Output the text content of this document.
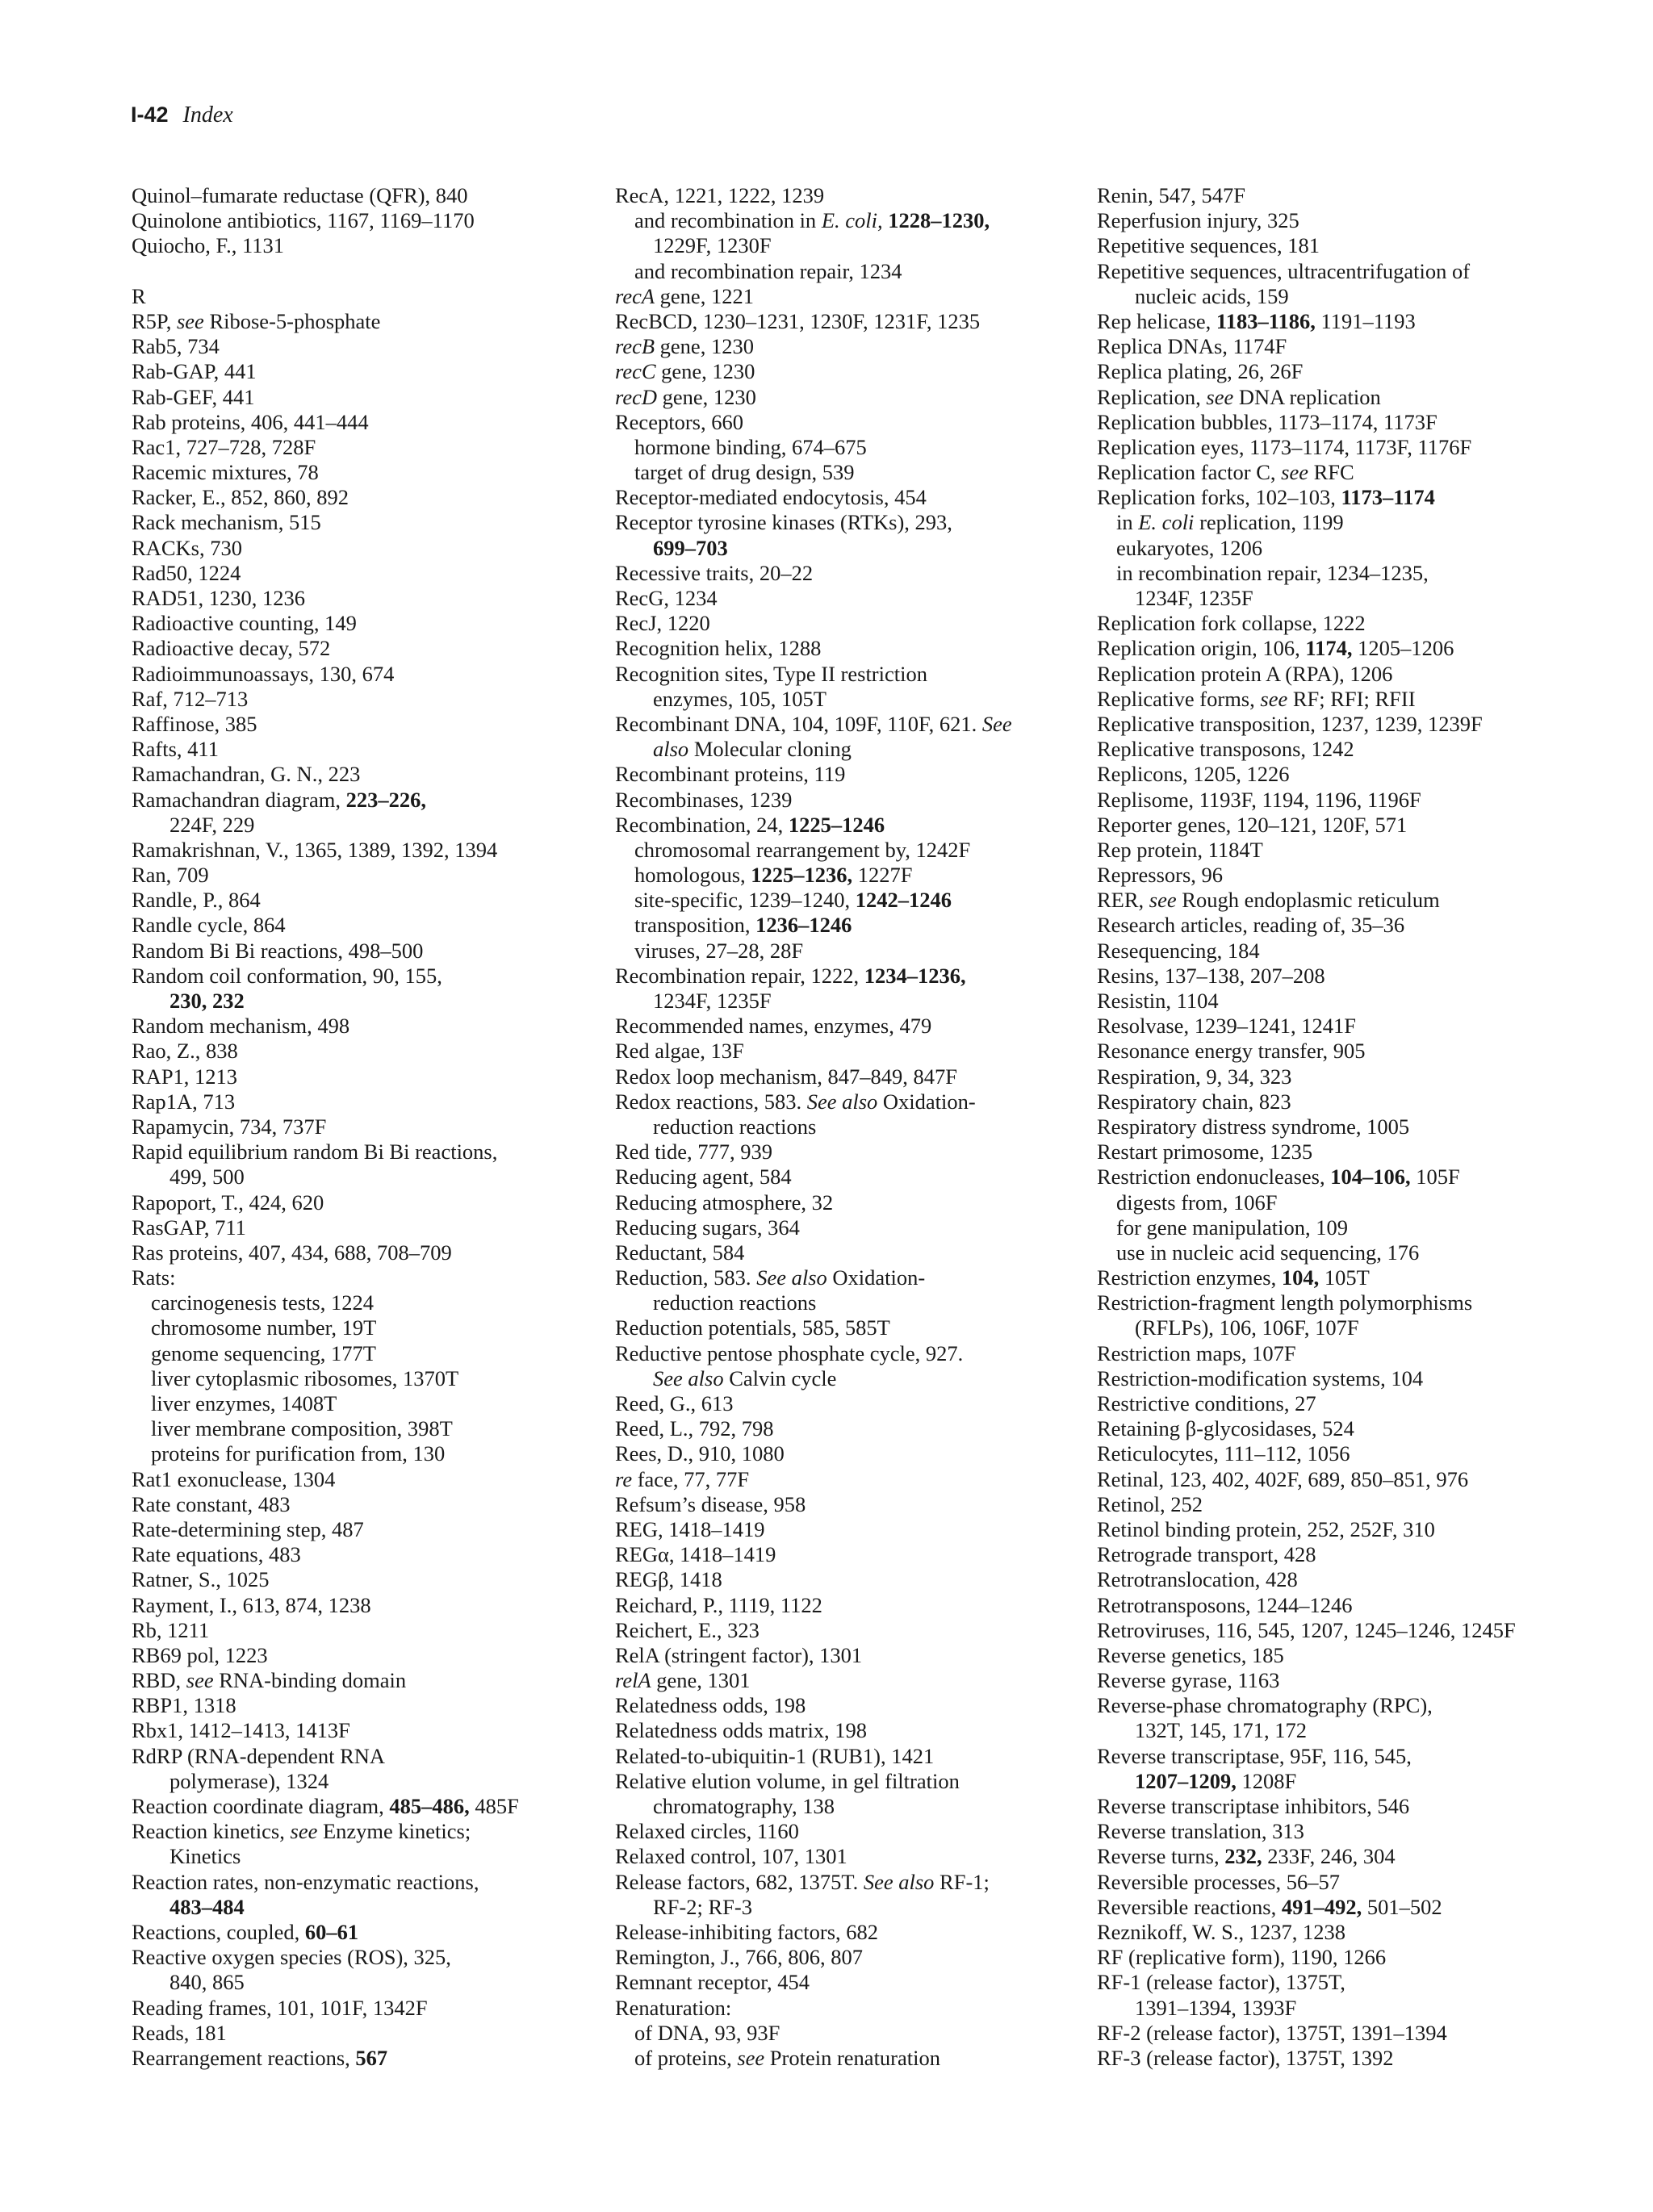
I-42 Index
Quinol–fumarate reductase (QFR), 840
Quinolone antibiotics, 1167, 1169–1170
Quiocho, F., 1131
R
R5P, see Ribose-5-phosphate
Rab5, 734
Rab-GAP, 441
Rab-GEF, 441
Rab proteins, 406, 441–444
Rac1, 727–728, 728F
Racemic mixtures, 78
Racker, E., 852, 860, 892
Rack mechanism, 515
RACKs, 730
Rad50, 1224
RAD51, 1230, 1236
Radioactive counting, 149
Radioactive decay, 572
Radioimmunoassays, 130, 674
Raf, 712–713
Raffinose, 385
Rafts, 411
Ramachandran, G. N., 223
Ramachandran diagram, 223–226,
224F, 229
Ramakrishnan, V., 1365, 1389, 1392, 1394
Ran, 709
Randle, P., 864
Randle cycle, 864
Random Bi Bi reactions, 498–500
Random coil conformation, 90, 155,
230, 232
Random mechanism, 498
Rao, Z., 838
RAP1, 1213
Rap1A, 713
Rapamycin, 734, 737F
Rapid equilibrium random Bi Bi reactions,
499, 500
Rapoport, T., 424, 620
RasGAP, 711
Ras proteins, 407, 434, 688, 708–709
Rats:
carcinogenesis tests, 1224
chromosome number, 19T
genome sequencing, 177T
liver cytoplasmic ribosomes, 1370T
liver enzymes, 1408T
liver membrane composition, 398T
proteins for purification from, 130
Rat1 exonuclease, 1304
Rate constant, 483
Rate-determining step, 487
Rate equations, 483
Ratner, S., 1025
Rayment, I., 613, 874, 1238
Rb, 1211
RB69 pol, 1223
RBD, see RNA-binding domain
RBP1, 1318
Rbx1, 1412–1413, 1413F
RdRP (RNA-dependent RNA
polymerase), 1324
Reaction coordinate diagram, 485–486, 485F
Reaction kinetics, see Enzyme kinetics;
Kinetics
Reaction rates, non-enzymatic reactions,
483–484
Reactions, coupled, 60–61
Reactive oxygen species (ROS), 325,
840, 865
Reading frames, 101, 101F, 1342F
Reads, 181
Rearrangement reactions, 567
RecA, 1221, 1222, 1239
and recombination in E. coli, 1228–1230,
1229F, 1230F
and recombination repair, 1234
recA gene, 1221
RecBCD, 1230–1231, 1230F, 1231F, 1235
recB gene, 1230
recC gene, 1230
recD gene, 1230
Receptors, 660
hormone binding, 674–675
target of drug design, 539
Receptor-mediated endocytosis, 454
Receptor tyrosine kinases (RTKs), 293,
699–703
Recessive traits, 20–22
RecG, 1234
RecJ, 1220
Recognition helix, 1288
Recognition sites, Type II restriction
enzymes, 105, 105T
Recombinant DNA, 104, 109F, 110F, 621. See
also Molecular cloning
Recombinant proteins, 119
Recombinases, 1239
Recombination, 24, 1225–1246
chromosomal rearrangement by, 1242F
homologous, 1225–1236, 1227F
site-specific, 1239–1240, 1242–1246
transposition, 1236–1246
viruses, 27–28, 28F
Recombination repair, 1222, 1234–1236,
1234F, 1235F
Recommended names, enzymes, 479
Red algae, 13F
Redox loop mechanism, 847–849, 847F
Redox reactions, 583. See also Oxidation-
reduction reactions
Red tide, 777, 939
Reducing agent, 584
Reducing atmosphere, 32
Reducing sugars, 364
Reductant, 584
Reduction, 583. See also Oxidation-
reduction reactions
Reduction potentials, 585, 585T
Reductive pentose phosphate cycle, 927.
See also Calvin cycle
Reed, G., 613
Reed, L., 792, 798
Rees, D., 910, 1080
re face, 77, 77F
Refsum’s disease, 958
REG, 1418–1419
REGα, 1418–1419
REGβ, 1418
Reichard, P., 1119, 1122
Reichert, E., 323
RelA (stringent factor), 1301
relA gene, 1301
Relatedness odds, 198
Relatedness odds matrix, 198
Related-to-ubiquitin-1 (RUB1), 1421
Relative elution volume, in gel filtration
chromatography, 138
Relaxed circles, 1160
Relaxed control, 107, 1301
Release factors, 682, 1375T. See also RF-1;
RF-2; RF-3
Release-inhibiting factors, 682
Remington, J., 766, 806, 807
Remnant receptor, 454
Renaturation:
of DNA, 93, 93F
of proteins, see Protein renaturation
Renin, 547, 547F
Reperfusion injury, 325
Repetitive sequences, 181
Repetitive sequences, ultracentrifugation of
nucleic acids, 159
Rep helicase, 1183–1186, 1191–1193
Replica DNAs, 1174F
Replica plating, 26, 26F
Replication, see DNA replication
Replication bubbles, 1173–1174, 1173F
Replication eyes, 1173–1174, 1173F, 1176F
Replication factor C, see RFC
Replication forks, 102–103, 1173–1174
in E. coli replication, 1199
eukaryotes, 1206
in recombination repair, 1234–1235,
1234F, 1235F
Replication fork collapse, 1222
Replication origin, 106, 1174, 1205–1206
Replication protein A (RPA), 1206
Replicative forms, see RF; RFI; RFII
Replicative transposition, 1237, 1239, 1239F
Replicative transposons, 1242
Replicons, 1205, 1226
Replisome, 1193F, 1194, 1196, 1196F
Reporter genes, 120–121, 120F, 571
Rep protein, 1184T
Repressors, 96
RER, see Rough endoplasmic reticulum
Research articles, reading of, 35–36
Resequencing, 184
Resins, 137–138, 207–208
Resistin, 1104
Resolvase, 1239–1241, 1241F
Resonance energy transfer, 905
Respiration, 9, 34, 323
Respiratory chain, 823
Respiratory distress syndrome, 1005
Restart primosome, 1235
Restriction endonucleases, 104–106, 105F
digests from, 106F
for gene manipulation, 109
use in nucleic acid sequencing, 176
Restriction enzymes, 104, 105T
Restriction-fragment length polymorphisms
(RFLPs), 106, 106F, 107F
Restriction maps, 107F
Restriction-modification systems, 104
Restrictive conditions, 27
Retaining β-glycosidases, 524
Reticulocytes, 111–112, 1056
Retinal, 123, 402, 402F, 689, 850–851, 976
Retinol, 252
Retinol binding protein, 252, 252F, 310
Retrograde transport, 428
Retrotranslocation, 428
Retrotransposons, 1244–1246
Retroviruses, 116, 545, 1207, 1245–1246, 1245F
Reverse genetics, 185
Reverse gyrase, 1163
Reverse-phase chromatography (RPC),
132T, 145, 171, 172
Reverse transcriptase, 95F, 116, 545,
1207–1209, 1208F
Reverse transcriptase inhibitors, 546
Reverse translation, 313
Reverse turns, 232, 233F, 246, 304
Reversible processes, 56–57
Reversible reactions, 491–492, 501–502
Reznikoff, W. S., 1237, 1238
RF (replicative form), 1190, 1266
RF-1 (release factor), 1375T,
1391–1394, 1393F
RF-2 (release factor), 1375T, 1391–1394
RF-3 (release factor), 1375T, 1392
